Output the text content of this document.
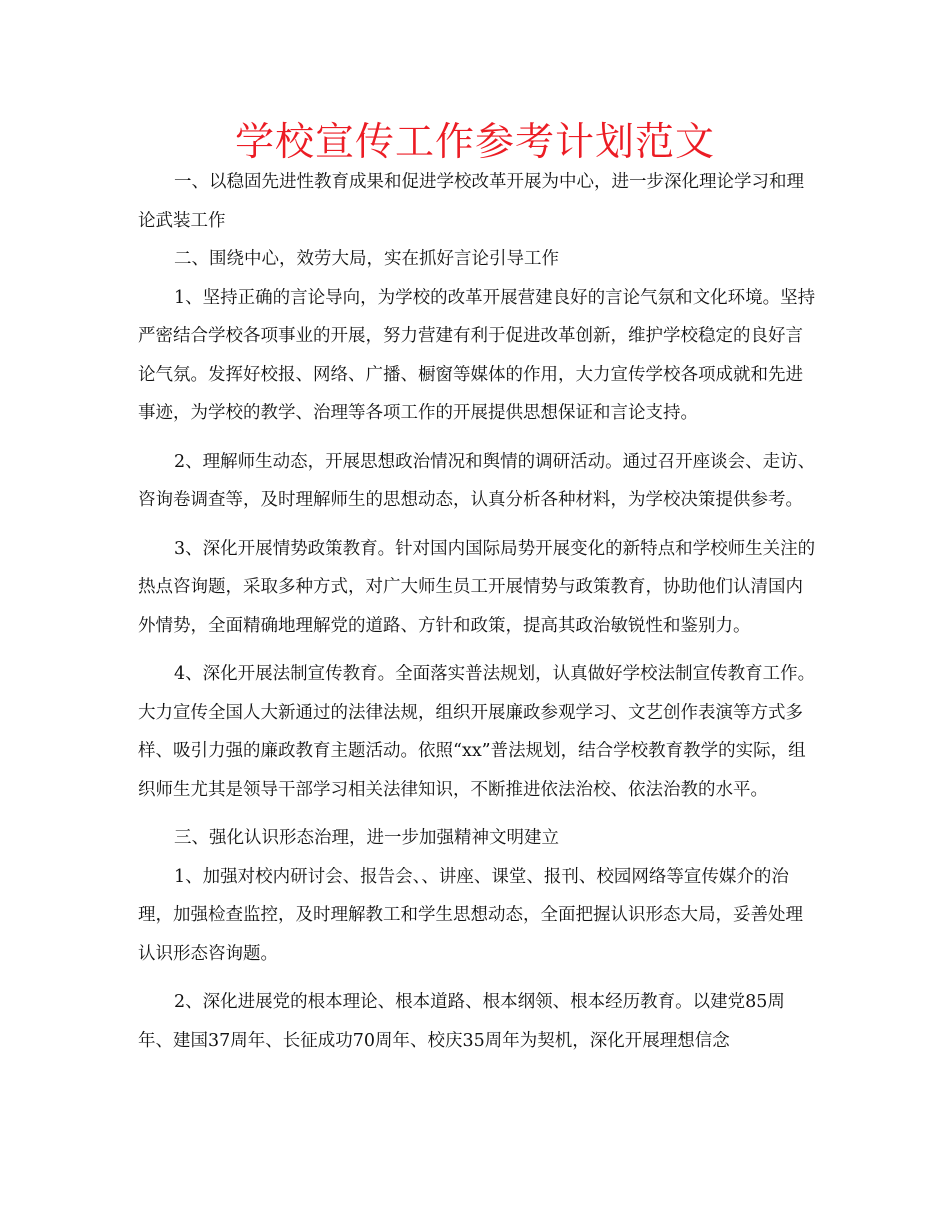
学校宣传工作参考计划范文

一、以稳固先进性教育成果和促进学校改革开展为中心，进一步深化理论学习和理论武装工作

二、围绕中心，效劳大局，实在抓好言论引导工作

1、坚持正确的言论导向，为学校的改革开展营建良好的言论气氛和文化环境。坚持严密结合学校各项事业的开展，努力营建有利于促进改革创新，维护学校稳定的良好言论气氛。发挥好校报、网络、广播、橱窗等媒体的作用，大力宣传学校各项成就和先进事迹，为学校的教学、治理等各项工作的开展提供思想保证和言论支持。

2、理解师生动态，开展思想政治情况和舆情的调研活动。通过召开座谈会、走访、咨询卷调查等，及时理解师生的思想动态，认真分析各种材料，为学校决策提供参考。

3、深化开展情势政策教育。针对国内国际局势开展变化的新特点和学校师生关注的热点咨询题，采取多种方式，对广大师生员工开展情势与政策教育，协助他们认清国内外情势，全面精确地理解党的道路、方针和政策，提高其政治敏锐性和鉴别力。

4、深化开展法制宣传教育。全面落实普法规划，认真做好学校法制宣传教育工作。大力宣传全国人大新通过的法律法规，组织开展廉政参观学习、文艺创作表演等方式多样、吸引力强的廉政教育主题活动。依照“xx”普法规划，结合学校教育教学的实际，组织师生尤其是领导干部学习相关法律知识，不断推进依法治校、依法治教的水平。

三、强化认识形态治理，进一步加强精神文明建立

1、加强对校内研讨会、报告会、、讲座、课堂、报刊、校园网络等宣传媒介的治理，加强检查监控，及时理解教工和学生思想动态，全面把握认识形态大局，妥善处理认识形态咨询题。

2、深化进展党的根本理论、根本道路、根本纲领、根本经历教育。以建党85周年、建国37周年、长征成功70周年、校庆35周年为契机，深化开展理想信念
